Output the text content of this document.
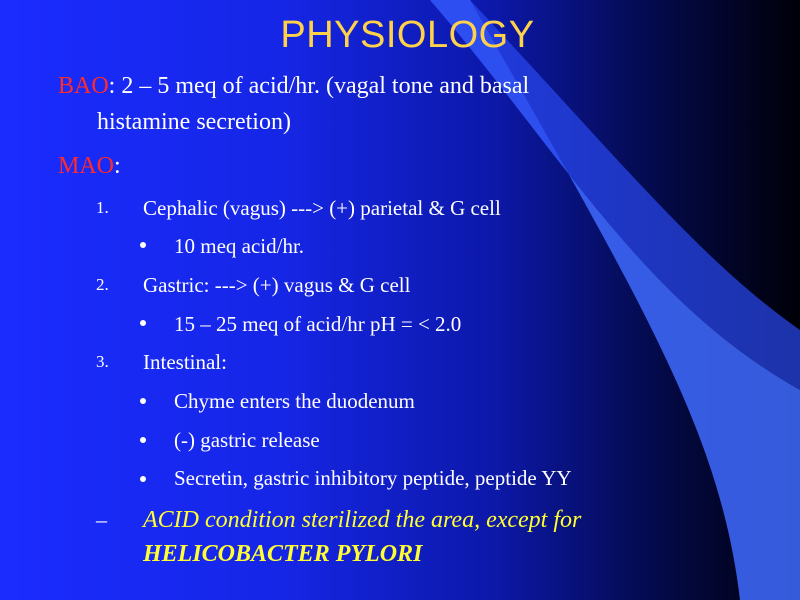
PHYSIOLOGY
BAO: 2 – 5 meq of acid/hr. (vagal tone and basal
histamine secretion)
MAO:
1. Cephalic (vagus) ---> (+) parietal & G cell
10 meq acid/hr.
2. Gastric: ---> (+) vagus & G cell
15 – 25 meq of acid/hr pH = < 2.0
3. Intestinal:
Chyme enters the duodenum
(-) gastric release
Secretin, gastric inhibitory peptide, peptide YY
– ACID condition sterilized the area, except for
HELICOBACTER PYLORI
